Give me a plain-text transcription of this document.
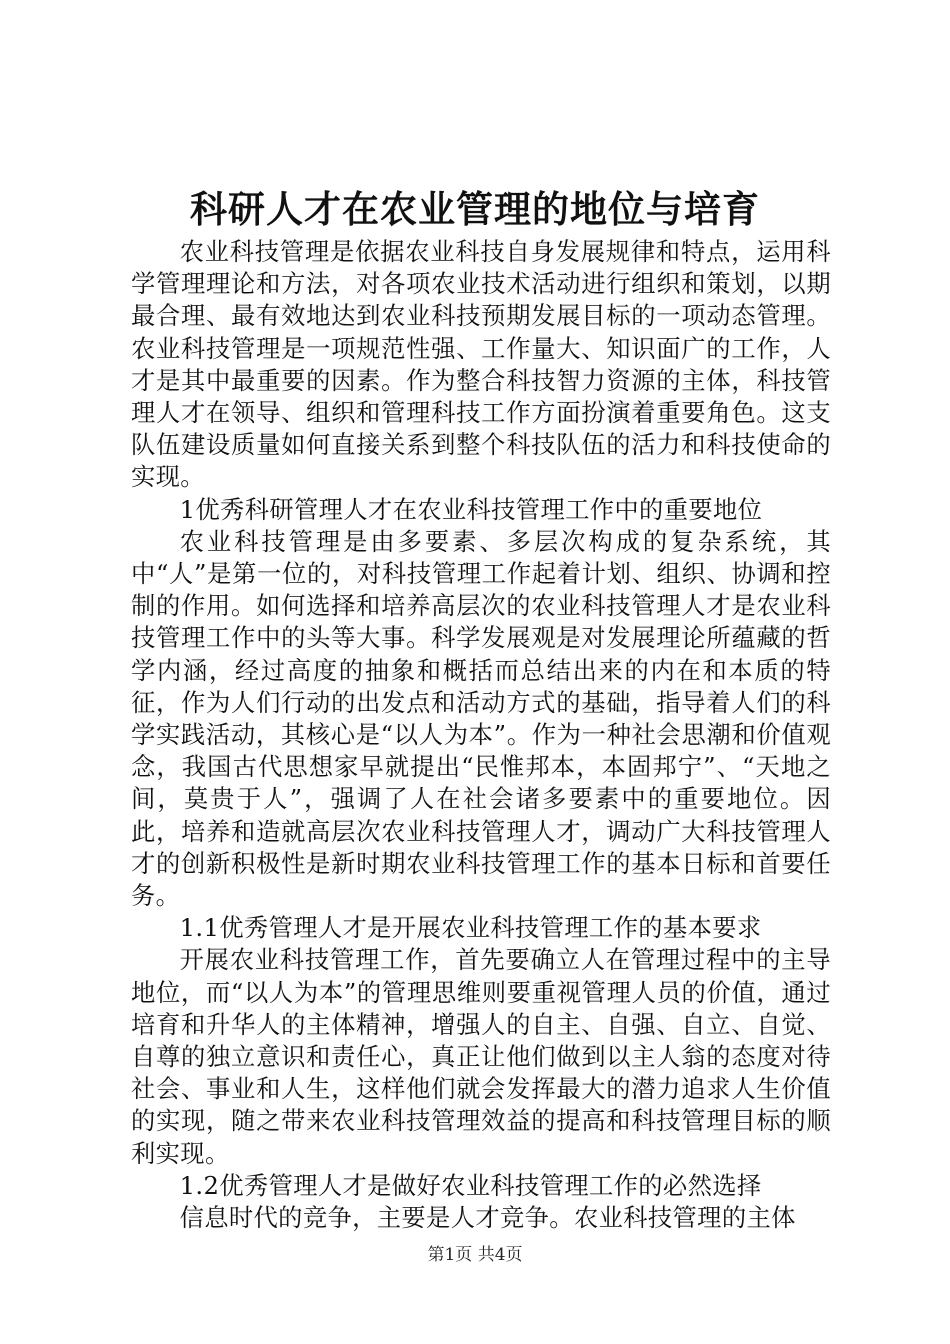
科研人才在农业管理的地位与培育

农业科技管理是依据农业科技自身发展规律和特点，运用科学管理理论和方法，对各项农业技术活动进行组织和策划，以期最合理、最有效地达到农业科技预期发展目标的一项动态管理。农业科技管理是一项规范性强、工作量大、知识面广的工作，人才是其中最重要的因素。作为整合科技智力资源的主体，科技管理人才在领导、组织和管理科技工作方面扮演着重要角色。这支队伍建设质量如何直接关系到整个科技队伍的活力和科技使命的实现。

1优秀科研管理人才在农业科技管理工作中的重要地位

农业科技管理是由多要素、多层次构成的复杂系统，其中“人”是第一位的，对科技管理工作起着计划、组织、协调和控制的作用。如何选择和培养高层次的农业科技管理人才是农业科技管理工作中的头等大事。科学发展观是对发展理论所蕴藏的哲学内涵，经过高度的抽象和概括而总结出来的内在和本质的特征，作为人们行动的出发点和活动方式的基础，指导着人们的科学实践活动，其核心是“以人为本”。作为一种社会思潮和价值观念，我国古代思想家早就提出“民惟邦本，本固邦宁”、“天地之间，莫贵于人”，强调了人在社会诸多要素中的重要地位。因此，培养和造就高层次农业科技管理人才，调动广大科技管理人才的创新积极性是新时期农业科技管理工作的基本日标和首要任务。

1.1优秀管理人才是开展农业科技管理工作的基本要求

开展农业科技管理工作，首先要确立人在管理过程中的主导地位，而“以人为本”的管理思维则要重视管理人员的价值，通过培育和升华人的主体精神，增强人的自主、自强、自立、自觉、自尊的独立意识和责任心，真正让他们做到以主人翁的态度对待社会、事业和人生，这样他们就会发挥最大的潜力追求人生价值的实现，随之带来农业科技管理效益的提高和科技管理目标的顺利实现。

1.2优秀管理人才是做好农业科技管理工作的必然选择

信息时代的竞争，主要是人才竞争。农业科技管理的主体

第1页 共4页
